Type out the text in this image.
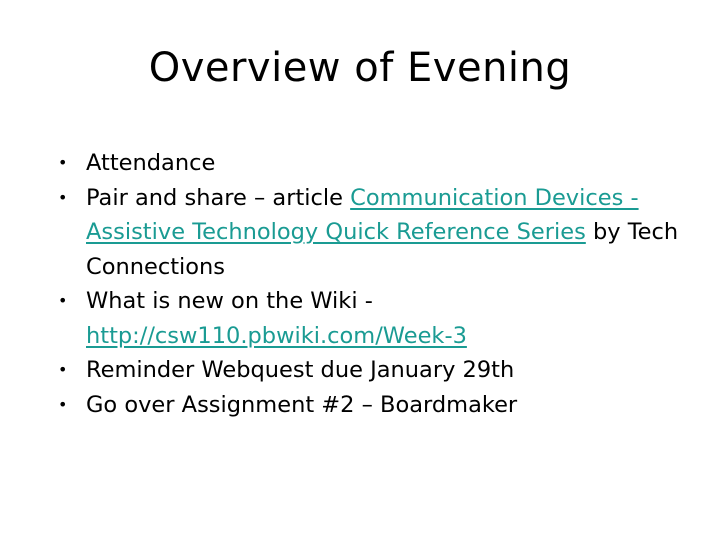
Overview of Evening
• Attendance
• Pair and share – article Communication Devices - Assistive Technology Quick Reference Series by Tech Connections
• What is new on the Wiki - http://csw110.pbwiki.com/Week-3
• Reminder Webquest due January 29th
• Go over Assignment #2 – Boardmaker
